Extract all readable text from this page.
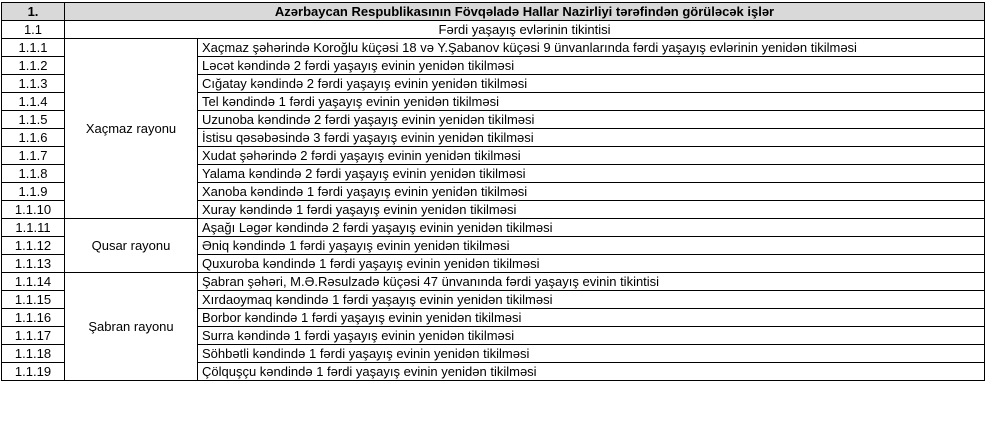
1.	Azərbaycan Respublikasının Fövqəladə Hallar Nazirliyi tərəfindən görüləcək işlər	
1.1	Fərdi yaşayış evlərinin tikintisi	
1.1.1	Xaçmaz rayonu	Xaçmaz şəhərində Koroğlu küçəsi 18 və Y.Şabanov küçəsi 9 ünvanlarında fərdi yaşayış evlərinin yenidən tikilməsi
1.1.2		Ləcət kəndində 2 fərdi yaşayış evinin yenidən tikilməsi
1.1.3		Cığatay kəndində 2 fərdi yaşayış evinin yenidən tikilməsi
1.1.4		Tel kəndində 1 fərdi yaşayış evinin yenidən tikilməsi
1.1.5		Uzunoba kəndində 2 fərdi yaşayış evinin yenidən tikilməsi
1.1.6		İstisu qəsəbəsində 3 fərdi yaşayış evinin yenidən tikilməsi
1.1.7		Xudat şəhərində 2 fərdi yaşayış evinin yenidən tikilməsi
1.1.8		Yalama kəndində 2 fərdi yaşayış evinin yenidən tikilməsi
1.1.9		Xanoba kəndində 1 fərdi yaşayış evinin yenidən tikilməsi
1.1.10		Xuray kəndində 1 fərdi yaşayış evinin yenidən tikilməsi
1.1.11	Qusar rayonu	Aşağı Ləgər kəndində 2 fərdi yaşayış evinin yenidən tikilməsi
1.1.12		Əniq kəndində 1 fərdi yaşayış evinin yenidən tikilməsi
1.1.13		Quxuroba kəndində 1 fərdi yaşayış evinin yenidən tikilməsi
1.1.14	Şabran rayonu	Şabran şəhəri, M.Ə.Rəsulzadə küçəsi 47 ünvanında fərdi yaşayış evinin tikintisi
1.1.15		Xırdaoymaq kəndində 1 fərdi yaşayış evinin yenidən tikilməsi
1.1.16		Borbor kəndində 1 fərdi yaşayış evinin yenidən tikilməsi
1.1.17		Surra kəndində 1 fərdi yaşayış evinin yenidən tikilməsi
1.1.18		Söhbətli kəndində 1 fərdi yaşayış evinin yenidən tikilməsi
1.1.19		Çölquşçu kəndində 1 fərdi yaşayış evinin yenidən tikilməsi
